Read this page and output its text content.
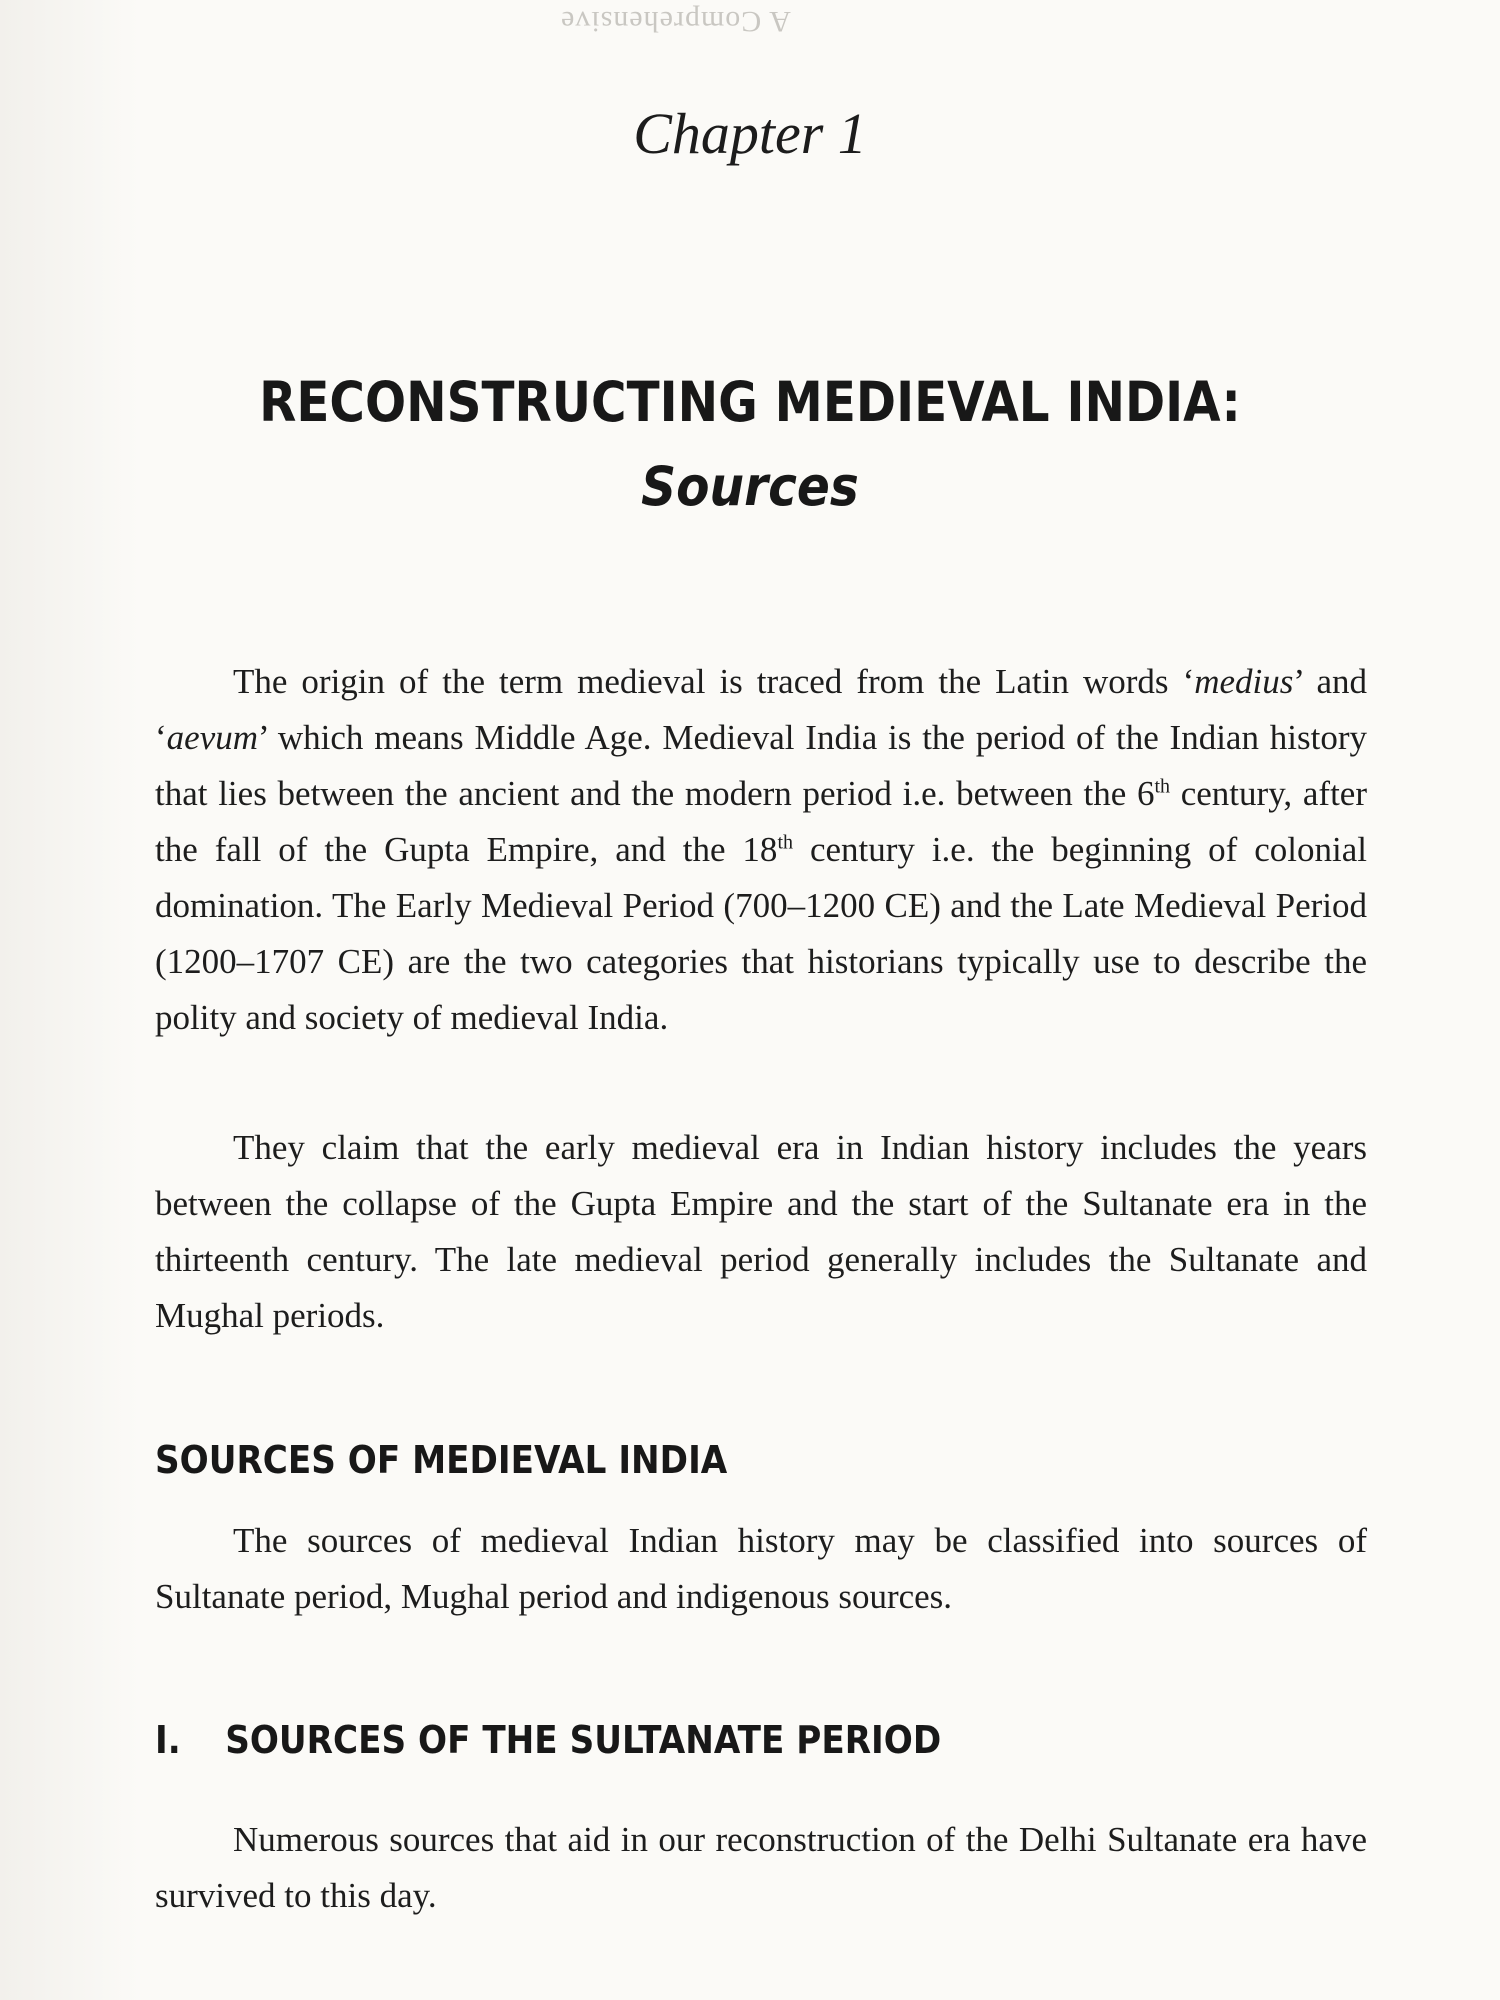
A Comprehensive
Chapter 1
RECONSTRUCTING MEDIEVAL INDIA:
Sources

The origin of the term medieval is traced from the Latin words ‘medius’ and ‘aevum’ which means Middle Age. Medieval India is the period of the Indian history that lies between the ancient and the modern period i.e. between the 6th century, after the fall of the Gupta Empire, and the 18th century i.e. the beginning of colonial domination. The Early Medieval Period (700–1200 CE) and the Late Medieval Period (1200–1707 CE) are the two categories that historians typically use to describe the polity and society of medieval India.

They claim that the early medieval era in Indian history includes the years between the collapse of the Gupta Empire and the start of the Sultanate era in the thirteenth century. The late medieval period generally includes the Sultanate and Mughal periods.

SOURCES OF MEDIEVAL INDIA

The sources of medieval Indian history may be classified into sources of Sultanate period, Mughal period and indigenous sources.

I. SOURCES OF THE SULTANATE PERIOD

Numerous sources that aid in our reconstruction of the Delhi Sultanate era have survived to this day.
